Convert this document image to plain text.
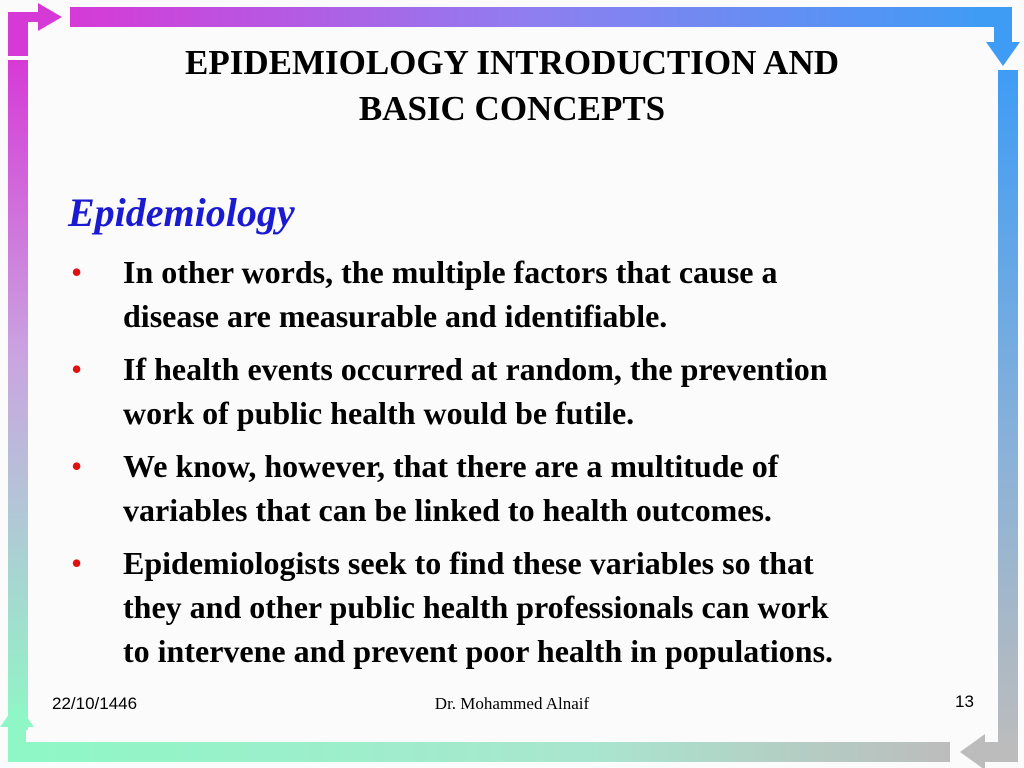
EPIDEMIOLOGY INTRODUCTION AND
BASIC CONCEPTS
Epidemiology
• In other words, the multiple factors that cause a
disease are measurable and identifiable.
• If health events occurred at random, the prevention
work of public health would be futile.
• We know, however, that there are a multitude of
variables that can be linked to health outcomes.
• Epidemiologists seek to find these variables so that
they and other public health professionals can work
to intervene and prevent poor health in populations.
22/10/1446	Dr. Mohammed Alnaif	13
